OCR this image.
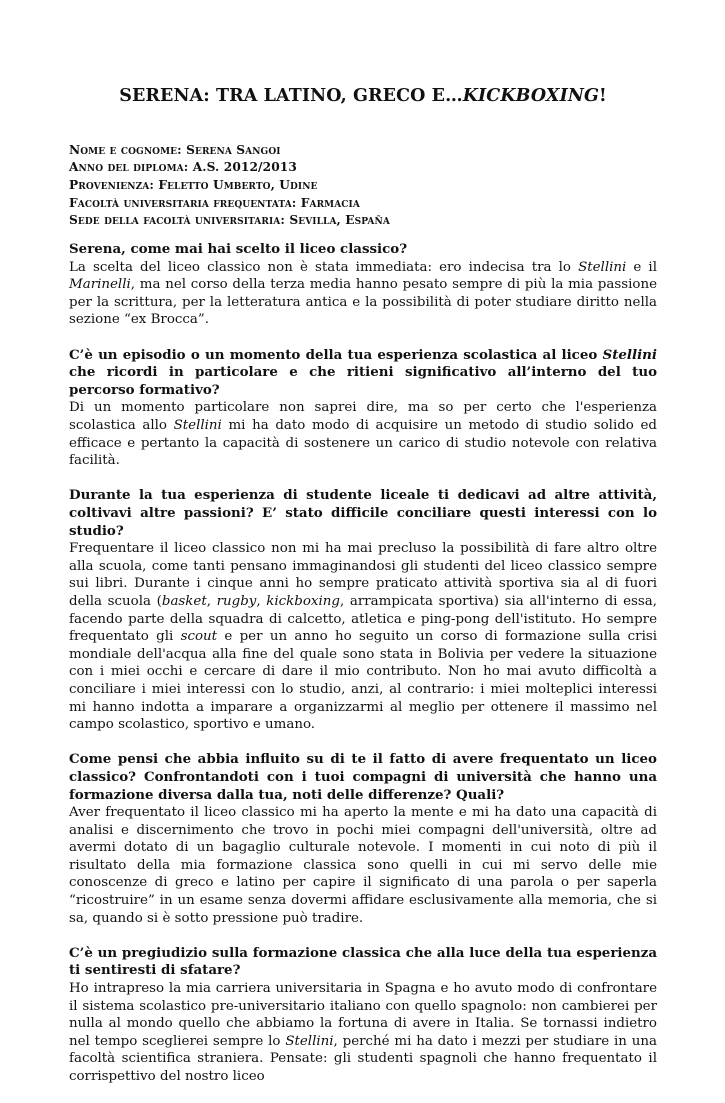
SERENA: TRA LATINO, GRECO E…KICKBOXING!
Nome e cognome: Serena Sangoi
Anno del diploma: A.S. 2012/2013
Provenienza: Feletto Umberto, Udine
Facoltà universitaria frequentata: Farmacia
Sede della facoltà universitaria: Sevilla, España
Serena, come mai hai scelto il liceo classico?
La scelta del liceo classico non è stata immediata: ero indecisa tra lo Stellini e il Marinelli, ma nel corso della terza media hanno pesato sempre di più la mia passione per la scrittura, per la letteratura antica e la possibilità di poter studiare diritto nella sezione “ex Brocca”.
C’è un episodio o un momento della tua esperienza scolastica al liceo Stellini che ricordi in particolare e che ritieni significativo all’interno del tuo percorso formativo?
Di un momento particolare non saprei dire, ma so per certo che l'esperienza scolastica allo Stellini mi ha dato modo di acquisire un metodo di studio solido ed efficace e pertanto la capacità di sostenere un carico di studio notevole con relativa facilità.
Durante la tua esperienza di studente liceale ti dedicavi ad altre attività, coltivavi altre passioni? E’ stato difficile conciliare questi interessi con lo studio?
Frequentare il liceo classico non mi ha mai precluso la possibilità di fare altro oltre alla scuola, come tanti pensano immaginandosi gli studenti del liceo classico sempre sui libri. Durante i cinque anni ho sempre praticato attività sportiva sia al di fuori della scuola (basket, rugby, kickboxing, arrampicata sportiva) sia all'interno di essa, facendo parte della squadra di calcetto, atletica e ping-pong dell'istituto. Ho sempre frequentato gli scout e per un anno ho seguito un corso di formazione sulla crisi mondiale dell'acqua alla fine del quale sono stata in Bolivia per vedere la situazione con i miei occhi e cercare di dare il mio contributo. Non ho mai avuto difficoltà a conciliare i miei interessi con lo studio, anzi, al contrario: i miei molteplici interessi mi hanno indotta a imparare a organizzarmi al meglio per ottenere il massimo nel campo scolastico, sportivo e umano.
Come pensi che abbia influito su di te il fatto di avere frequentato un liceo classico? Confrontandoti con i tuoi compagni di università che hanno una formazione diversa dalla tua, noti delle differenze? Quali?
Aver frequentato il liceo classico mi ha aperto la mente e mi ha dato una capacità di analisi e discernimento che trovo in pochi miei compagni dell'università, oltre ad avermi dotato di un bagaglio culturale notevole. I momenti in cui noto di più il risultato della mia formazione classica sono quelli in cui mi servo delle mie conoscenze di greco e latino per capire il significato di una parola o per saperla “ricostruire” in un esame senza dovermi affidare esclusivamente alla memoria, che si sa, quando si è sotto pressione può tradire.
C’è un pregiudizio sulla formazione classica che alla luce della tua esperienza ti sentiresti di sfatare?
Ho intrapreso la mia carriera universitaria in Spagna e ho avuto modo di confrontare il sistema scolastico pre-universitario italiano con quello spagnolo: non cambierei per nulla al mondo quello che abbiamo la fortuna di avere in Italia. Se tornassi indietro nel tempo sceglierei sempre lo Stellini, perché mi ha dato i mezzi per studiare in una facoltà scientifica straniera. Pensate: gli studenti spagnoli che hanno frequentato il corrispettivo del nostro liceo
